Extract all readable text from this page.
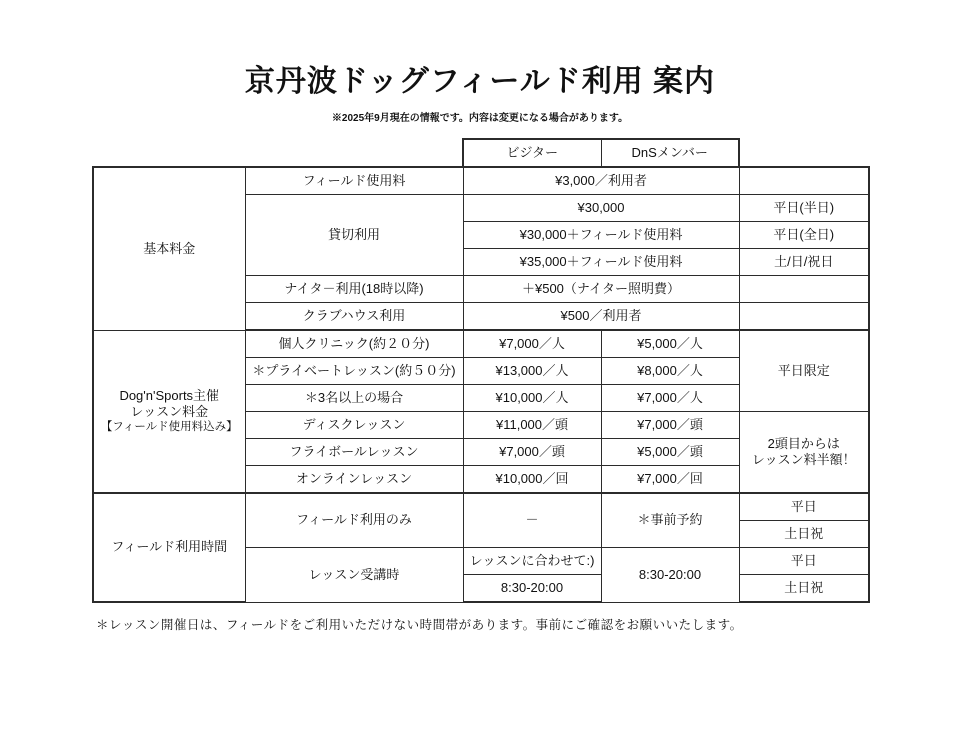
京丹波ドッグフィールド利用 案内
※2025年9月現在の情報です。内容は変更になる場合があります。
		ビジター	DnSメンバー	
基本料金	フィールド使用料	¥3,000／利用者		
	貸切利用	¥30,000		平日(半日)
		¥30,000＋フィールド使用料		平日(全日)
		¥35,000＋フィールド使用料		土/日/祝日
	ナイタ－利用(18時以降)	＋¥500（ナイター照明費）		
	クラブハウス利用	¥500／利用者		

Dog'n'Sports主催
レッスン料金
【フィールド使用料込み】	個人クリニック(約２０分)	¥7,000／人	¥5,000／人	平日限定
	＊プライベートレッスン(約５０分)	¥13,000／人	¥8,000／人	
	＊3名以上の場合	¥10,000／人	¥7,000／人	
	ディスクレッスン	¥11,000／頭	¥7,000／頭	2頭目からは
レッスン料半額！

	フライボールレッスン	¥7,000／頭	¥5,000／頭	
	オンラインレッスン	¥10,000／回	¥7,000／回	
フィールド利用時間	フィールド利用のみ	－	＊事前予約	平日
				土日祝
	レッスン受講時	レッスンに合わせて:)	8:30-20:00	平日
		8:30-20:00		土日祝
＊レッスン開催日は、フィールドをご利用いただけない時間帯があります。事前にご確認をお願いいたします。
